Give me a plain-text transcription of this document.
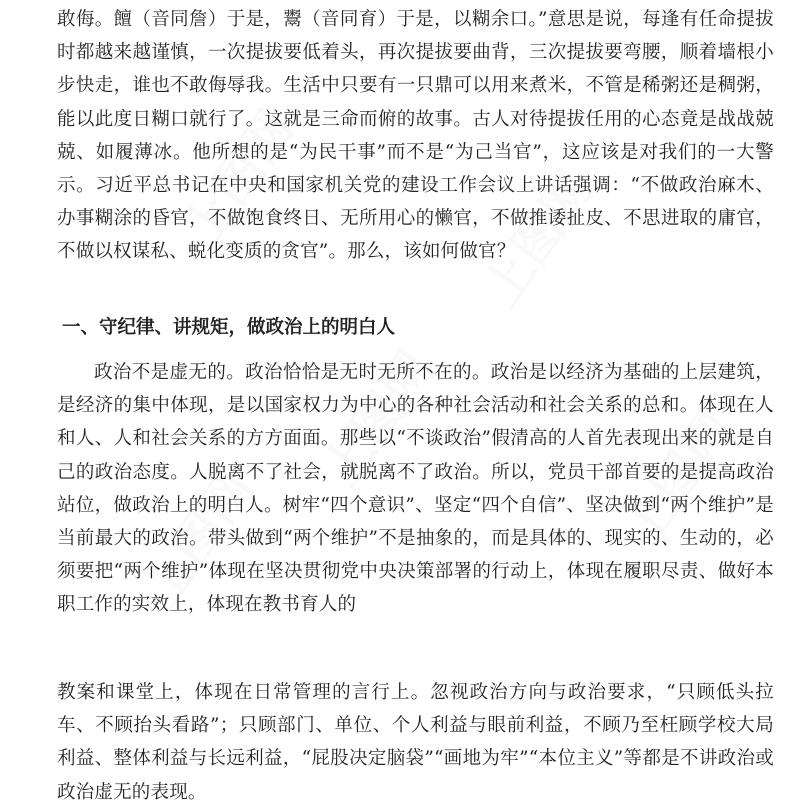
敢侮。饘（音同詹）于是，鬻（音同育）于是，以糊余口。”意思是说，每逢有任命提拔时都越来越谨慎，一次提拔要低着头，再次提拔要曲背，三次提拔要弯腰，顺着墙根小步快走，谁也不敢侮辱我。生活中只要有一只鼎可以用来煮米，不管是稀粥还是稠粥，能以此度日糊口就行了。这就是三命而俯的故事。古人对待提拔任用的心态竟是战战兢兢、如履薄冰。他所想的是“为民干事”而不是“为己当官”，这应该是对我们的一大警示。习近平总书记在中央和国家机关党的建设工作会议上讲话强调：“不做政治麻木、办事糊涂的昏官，不做饱食终日、无所用心的懒官，不做推诿扯皮、不思进取的庸官，不做以权谋私、蜕化变质的贪官”。那么，该如何做官？

一、守纪律、讲规矩，做政治上的明白人

政治不是虚无的。政治恰恰是无时无所不在的。政治是以经济为基础的上层建筑，是经济的集中体现，是以国家权力为中心的各种社会活动和社会关系的总和。体现在人和人、人和社会关系的方方面面。那些以“不谈政治”假清高的人首先表现出来的就是自己的政治态度。人脱离不了社会，就脱离不了政治。所以，党员干部首要的是提高政治站位，做政治上的明白人。树牢“四个意识”、坚定“四个自信”、坚决做到“两个维护”是当前最大的政治。带头做到“两个维护”不是抽象的，而是具体的、现实的、生动的，必须要把“两个维护”体现在坚决贯彻党中央决策部署的行动上，体现在履职尽责、做好本职工作的实效上，体现在教书育人的

教案和课堂上，体现在日常管理的言行上。忽视政治方向与政治要求，“只顾低头拉车、不顾抬头看路”；只顾部门、单位、个人利益与眼前利益，不顾乃至枉顾学校大局利益、整体利益与长远利益，“屁股决定脑袋”“画地为牢”“本位主义”等都是不讲政治或政治虚无的表现。
